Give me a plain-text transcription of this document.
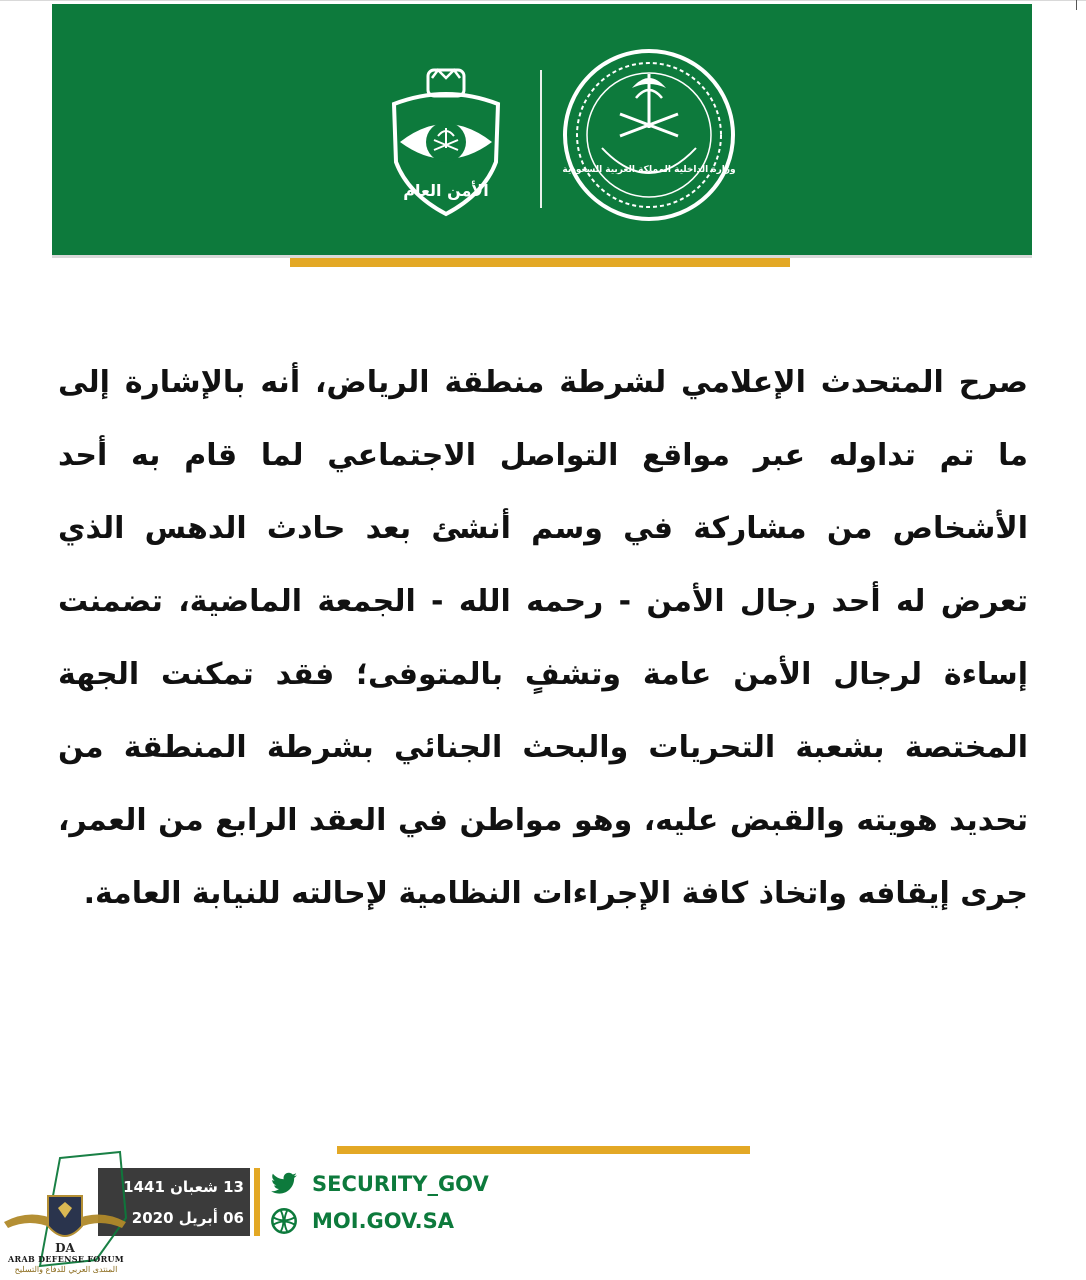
الأمن العام
وزارة الداخلية المملكة العربية السعودية

صرح المتحدث الإعلامي لشرطة منطقة الرياض، أنه بالإشارة إلى ما تم تداوله عبر مواقع التواصل الاجتماعي لما قام به أحد الأشخاص من مشاركة في وسم أنشئ بعد حادث الدهس الذي تعرض له أحد رجال الأمن - رحمه الله - الجمعة الماضية، تضمنت إساءة لرجال الأمن عامة وتشفٍ بالمتوفى؛ فقد تمكنت الجهة المختصة بشعبة التحريات والبحث الجنائي بشرطة المنطقة من تحديد هويته والقبض عليه، وهو مواطن في العقد الرابع من العمر، جرى إيقافه واتخاذ كافة الإجراءات النظامية لإحالته للنيابة العامة.

13 شعبان 1441
06 أبريل 2020
SECURITY_GOV
MOI.GOV.SA
DA
ARAB DEFENSE FORUM
المنتدى العربي للدفاع والتسليح
